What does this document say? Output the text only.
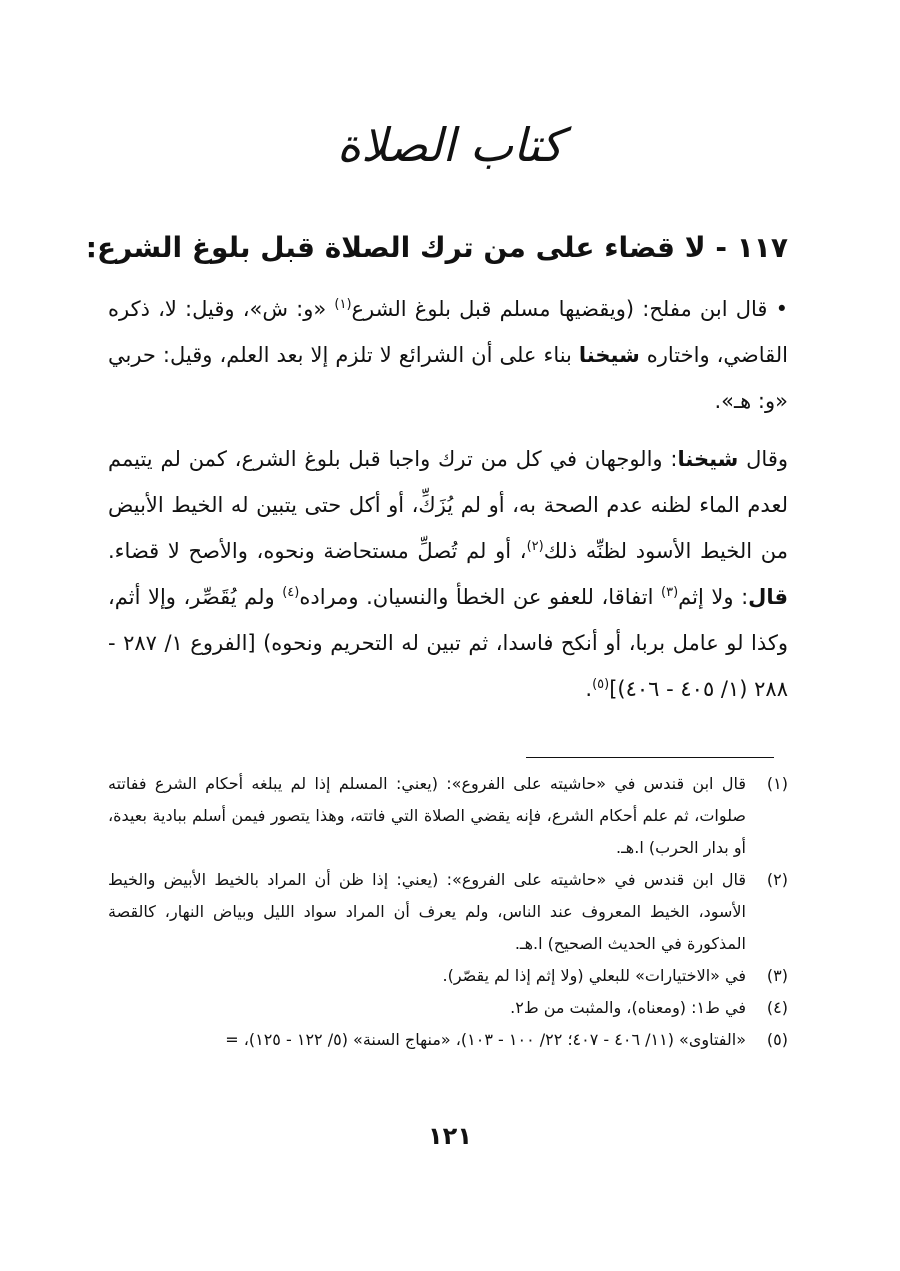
كتاب الصلاة
١١٧ - لا قضاء على من ترك الصلاة قبل بلوغ الشرع:
• قال ابن مفلح: (ويقضيها مسلم قبل بلوغ الشرع$^{(١)}$ «و: ش»، وقيل: لا، ذكره القاضي، واختاره شيخنا بناء على أن الشرائع لا تلزم إلا بعد العلم، وقيل: حربي «و: هـ».
وقال شيخنا: والوجهان في كل من ترك واجبا قبل بلوغ الشرع، كمن لم يتيمم لعدم الماء لظنه عدم الصحة به، أو لم يُزَكِّ، أو أكل حتى يتبين له الخيط الأبيض من الخيط الأسود لظنِّه ذلك$^{(٢)}$، أو لم تُصلِّ مستحاضة ونحوه، والأصح لا قضاء. قال: ولا إثم$^{(٣)}$ اتفاقا، للعفو عن الخطأ والنسيان. ومراده$^{(٤)}$ ولم يُقَصِّر، وإلا أثم، وكذا لو عامل بربا، أو أنكح فاسدا، ثم تبين له التحريم ونحوه) [الفروع ١/ ٢٨٧ - ٢٨٨ (١/ ٤٠٥ - ٤٠٦)]$^{(٥)}$.
(١)
قال ابن قندس في «حاشيته على الفروع»: (يعني: المسلم إذا لم يبلغه أحكام الشرع ففاتته صلوات، ثم علم أحكام الشرع، فإنه يقضي الصلاة التي فاتته، وهذا يتصور فيمن أسلم ببادية بعيدة، أو بدار الحرب) ا.هـ.
(٢)
قال ابن قندس في «حاشيته على الفروع»: (يعني: إذا ظن أن المراد بالخيط الأبيض والخيط الأسود، الخيط المعروف عند الناس، ولم يعرف أن المراد سواد الليل وبياض النهار، كالقصة المذكورة في الحديث الصحيح) ا.هـ.
(٣)
في «الاختيارات» للبعلي (ولا إثم إذا لم يقصّر).
(٤)
في ط١: (ومعناه)، والمثبت من ط٢.
(٥)
«الفتاوى» (١١/ ٤٠٦ - ٤٠٧؛ ٢٢/ ١٠٠ - ١٠٣)، «منهاج السنة» (٥/ ١٢٢ - ١٢٥)، =
١٢١
